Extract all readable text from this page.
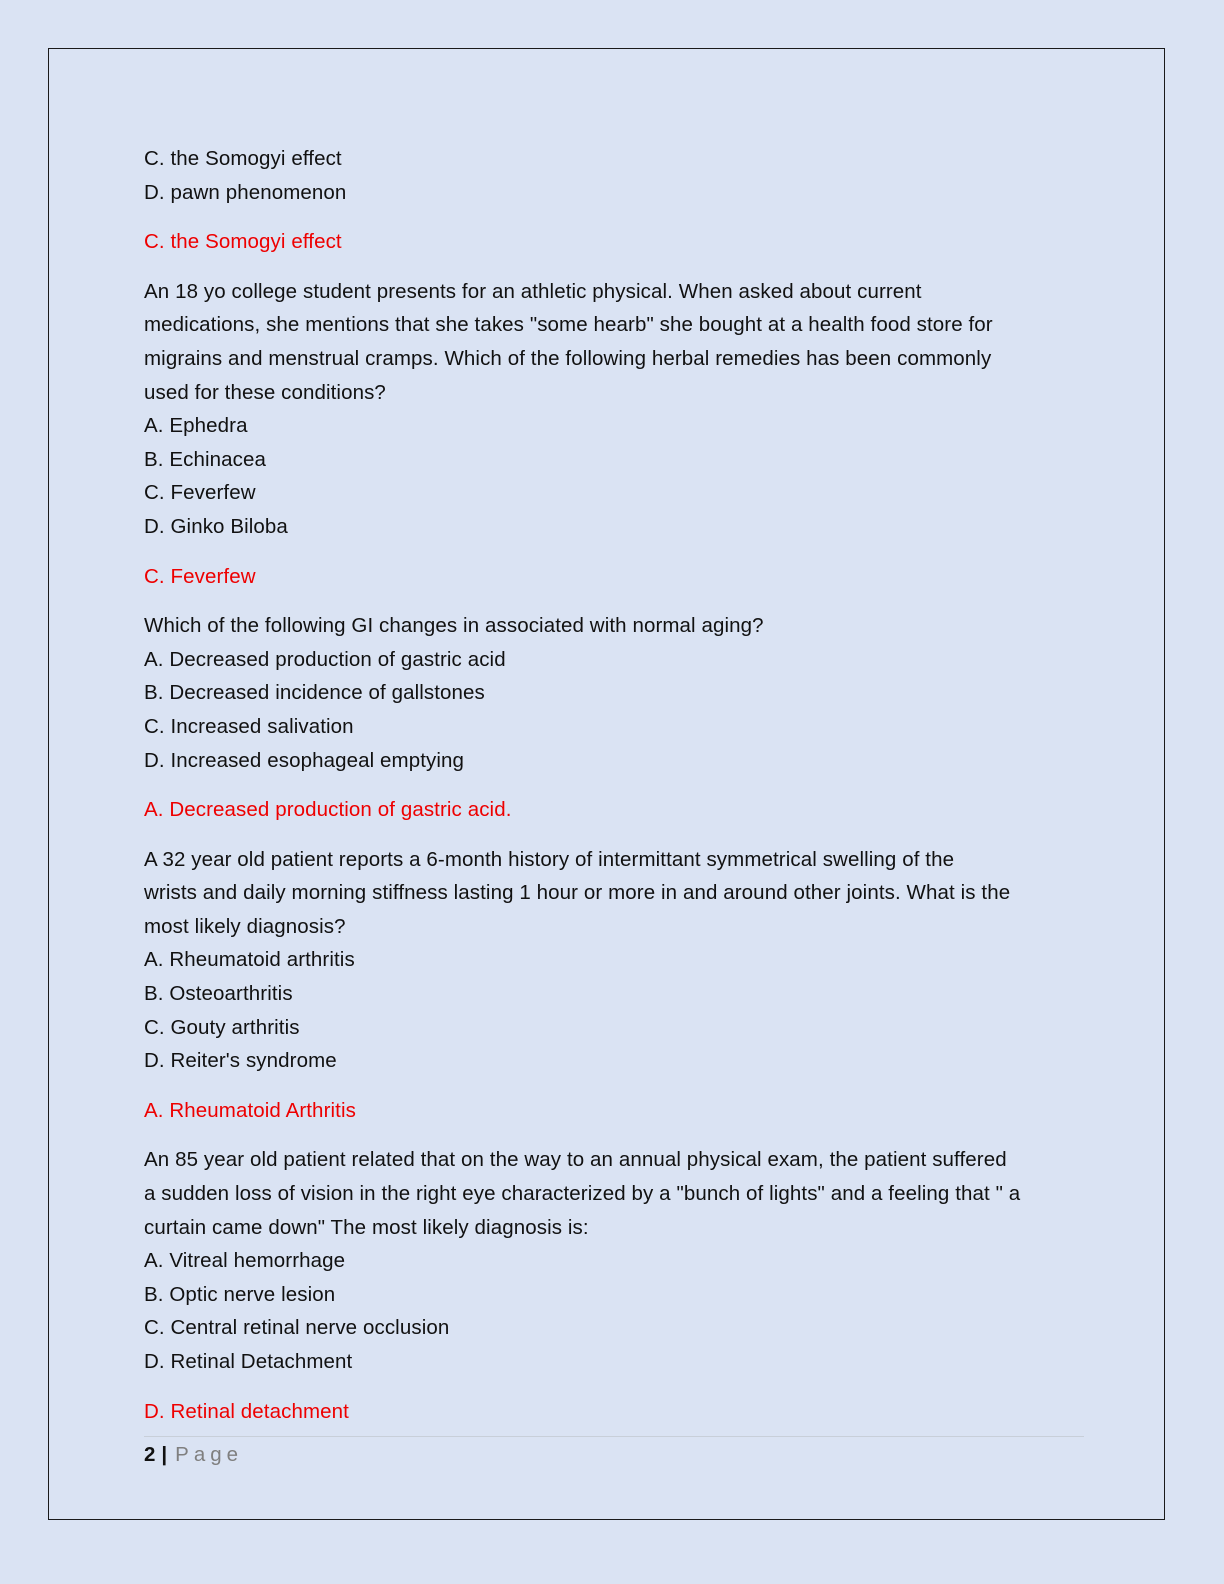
C. the Somogyi effect
D. pawn phenomenon
C. the Somogyi effect
An 18 yo college student presents for an athletic physical. When asked about current
medications, she mentions that she takes "some hearb" she bought at a health food store for
migrains and menstrual cramps. Which of the following herbal remedies has been commonly
used for these conditions?
A. Ephedra
B. Echinacea
C. Feverfew
D. Ginko Biloba
C. Feverfew
Which of the following GI changes in associated with normal aging?
A. Decreased production of gastric acid
B. Decreased incidence of gallstones
C. Increased salivation
D. Increased esophageal emptying
A. Decreased production of gastric acid.
A 32 year old patient reports a 6-month history of intermittant symmetrical swelling of the
wrists and daily morning stiffness lasting 1 hour or more in and around other joints. What is the
most likely diagnosis?
A. Rheumatoid arthritis
B. Osteoarthritis
C. Gouty arthritis
D. Reiter's syndrome
A. Rheumatoid Arthritis
An 85 year old patient related that on the way to an annual physical exam, the patient suffered
a sudden loss of vision in the right eye characterized by a "bunch of lights" and a feeling that " a
curtain came down" The most likely diagnosis is:
A. Vitreal hemorrhage
B. Optic nerve lesion
C. Central retinal nerve occlusion
D. Retinal Detachment
D. Retinal detachment
2 | Page
